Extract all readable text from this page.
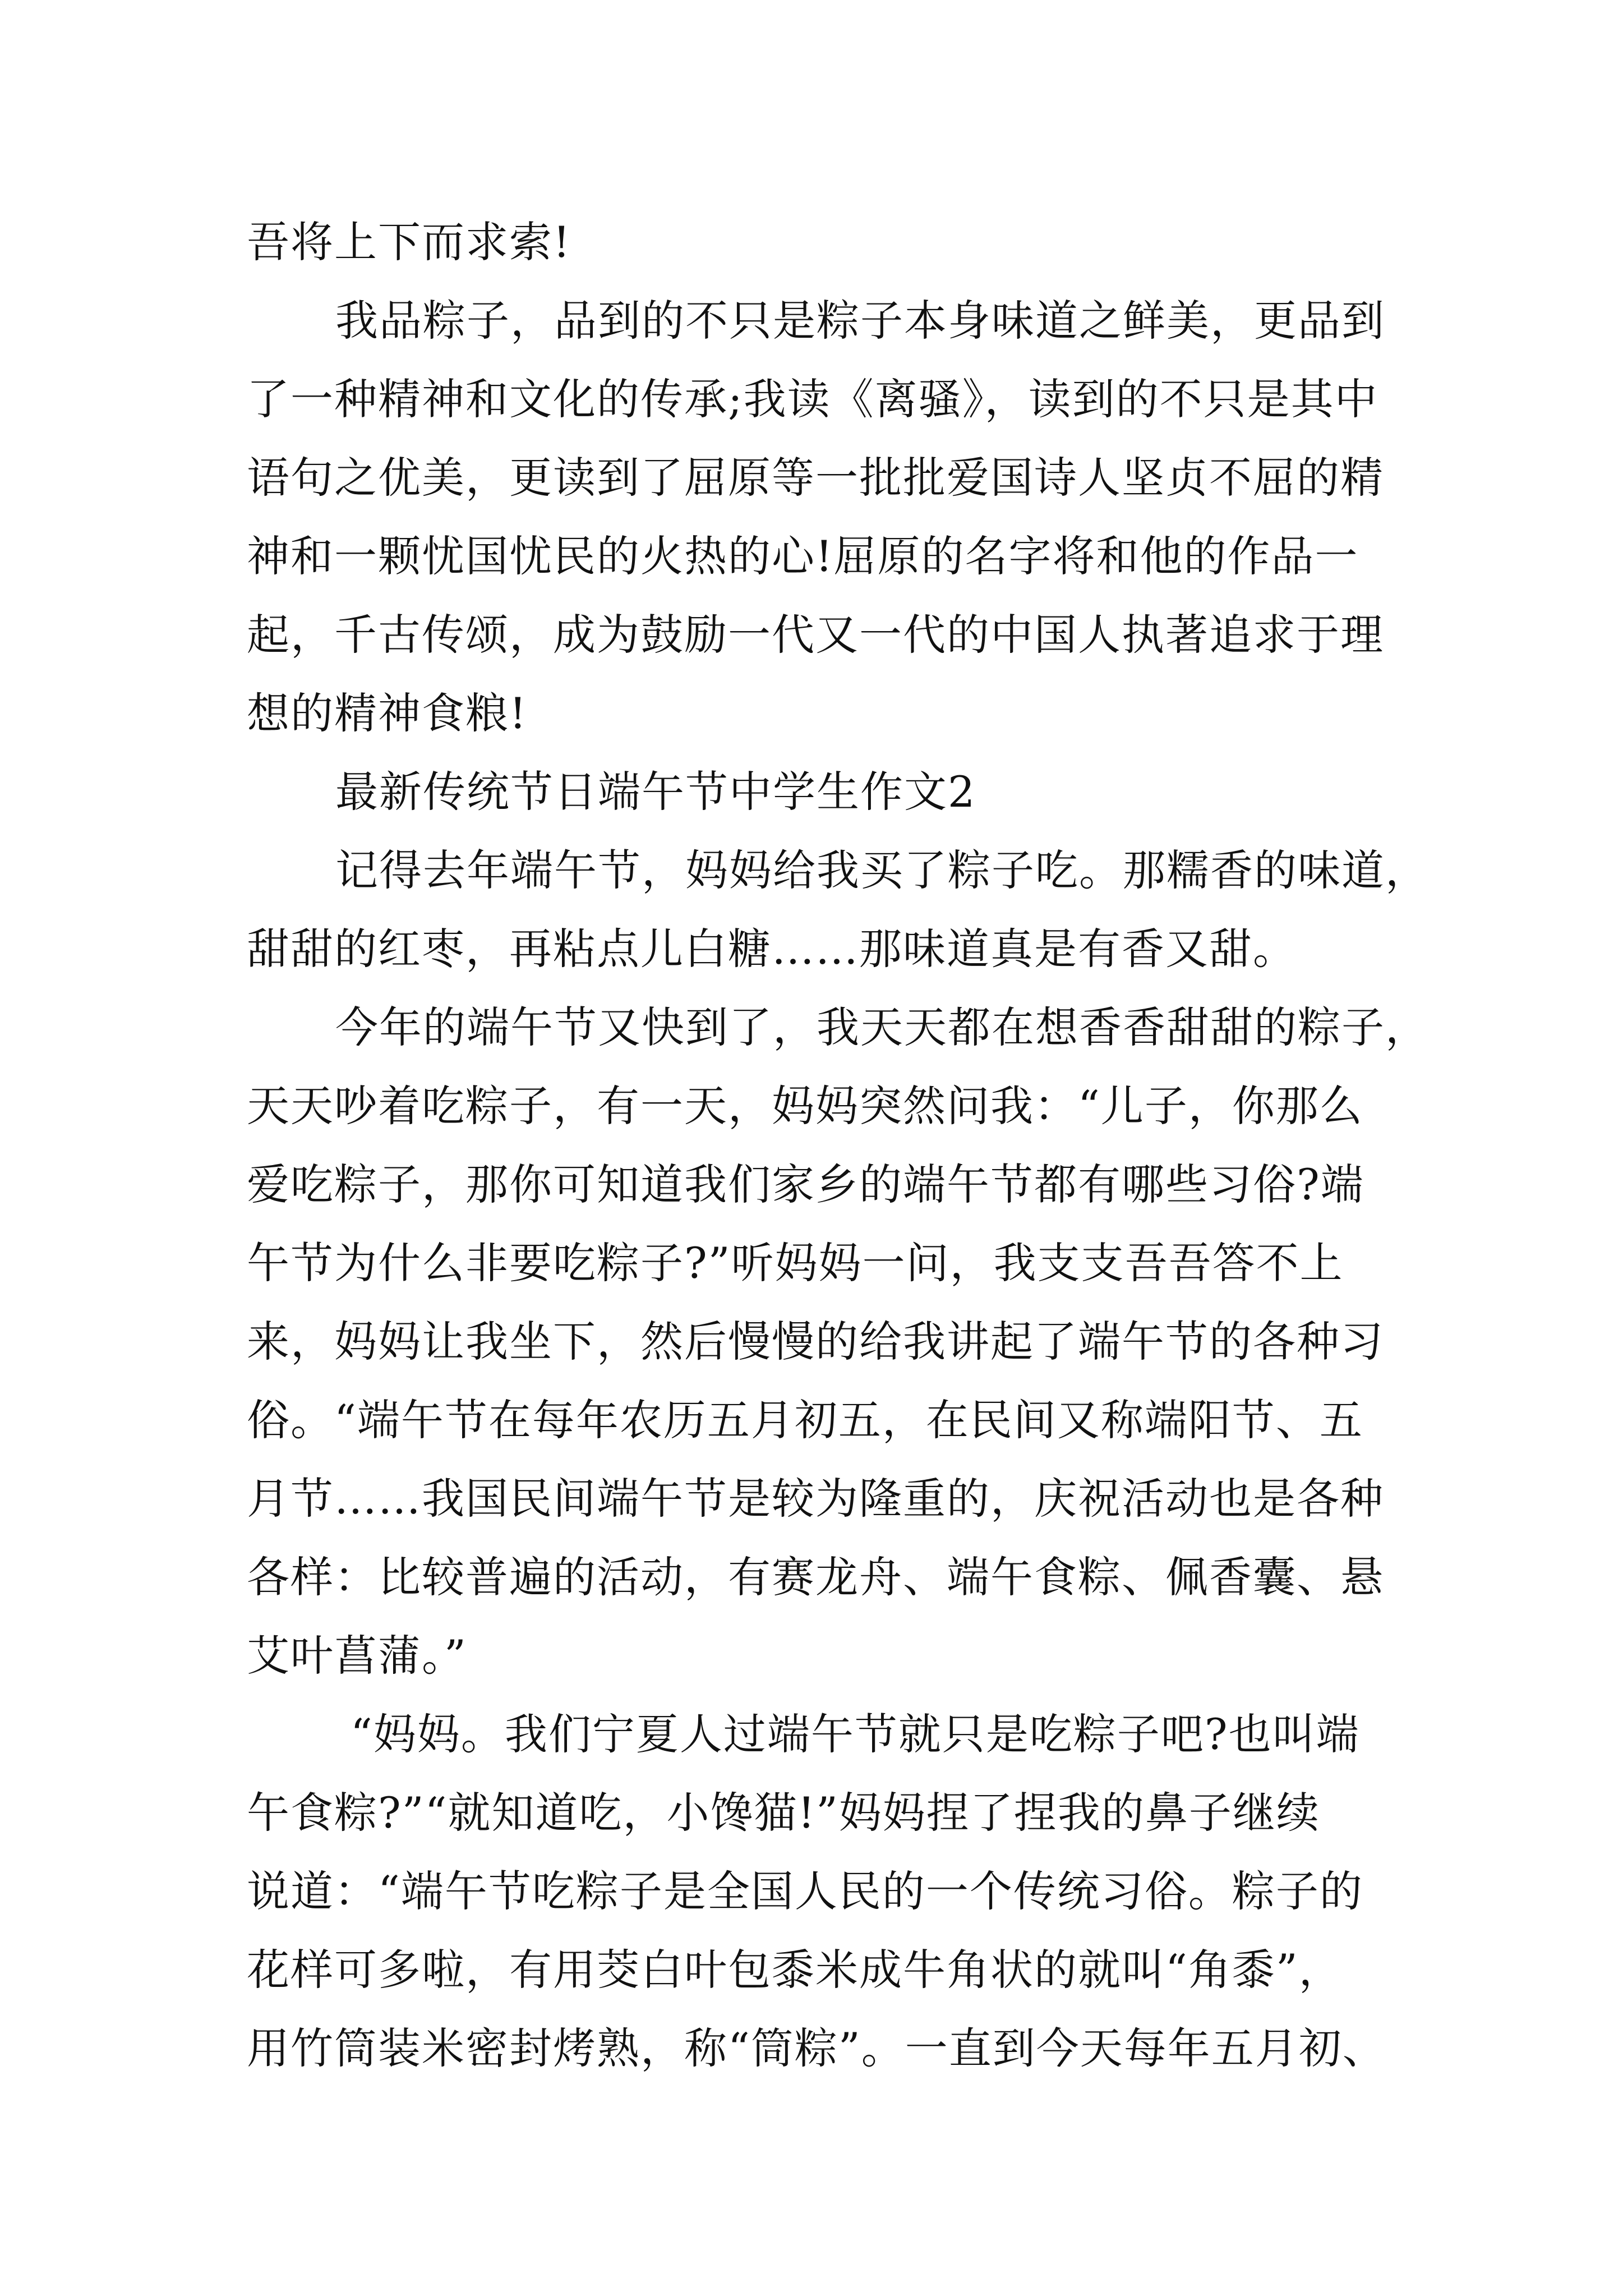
吾将上下而求索!
我品粽子，品到的不只是粽子本身味道之鲜美，更品到
了一种精神和文化的传承;我读《离骚》，读到的不只是其中
语句之优美，更读到了屈原等一批批爱国诗人坚贞不屈的精
神和一颗忧国忧民的火热的心!屈原的名字将和他的作品一
起，千古传颂，成为鼓励一代又一代的中国人执著追求于理
想的精神食粮!
最新传统节日端午节中学生作文2
记得去年端午节，妈妈给我买了粽子吃。那糯香的味道，
甜甜的红枣，再粘点儿白糖……那味道真是有香又甜。
今年的端午节又快到了，我天天都在想香香甜甜的粽子，
天天吵着吃粽子，有一天，妈妈突然问我：“儿子，你那么
爱吃粽子，那你可知道我们家乡的端午节都有哪些习俗?端
午节为什么非要吃粽子?”听妈妈一问，我支支吾吾答不上
来，妈妈让我坐下，然后慢慢的给我讲起了端午节的各种习
俗。“端午节在每年农历五月初五，在民间又称端阳节、五
月节……我国民间端午节是较为隆重的，庆祝活动也是各种
各样：比较普遍的活动，有赛龙舟、端午食粽、佩香囊、悬
艾叶菖蒲。”
“妈妈。我们宁夏人过端午节就只是吃粽子吧?也叫端
午食粽?”“就知道吃，小馋猫!”妈妈捏了捏我的鼻子继续
说道：“端午节吃粽子是全国人民的一个传统习俗。粽子的
花样可多啦，有用茭白叶包黍米成牛角状的就叫“角黍”，
用竹筒装米密封烤熟，称“筒粽”。一直到今天每年五月初、
